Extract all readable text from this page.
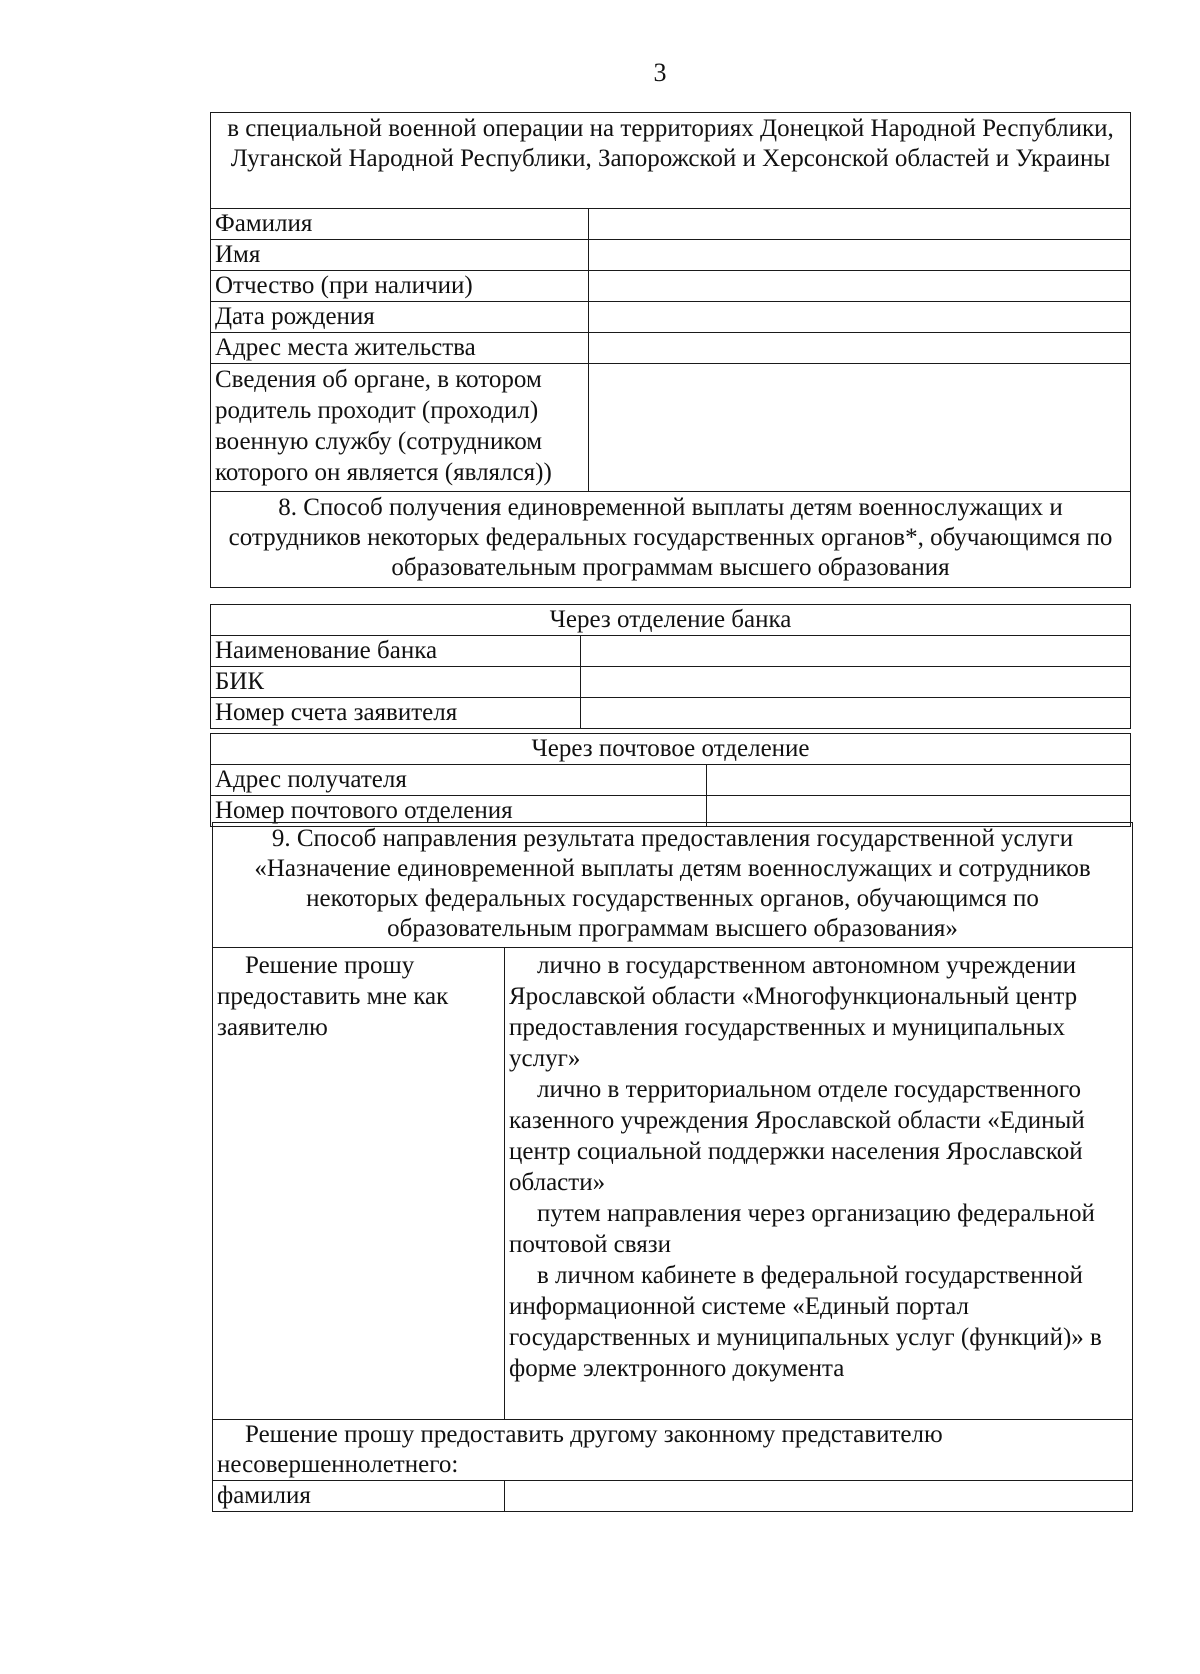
3
в специальной военной операции на территориях Донецкой Народной Республики, Луганской Народной Республики, Запорожской и Херсонской областей и Украины	
Фамилия	
Имя	
Отчество (при наличии)	
Дата рождения	
Адрес места жительства	
Сведения об органе, в котором родитель проходит (проходил) военную службу (сотрудником которого он является (являлся))	
8. Способ получения единовременной выплаты детям военнослужащих и сотрудников некоторых федеральных государственных органов*, обучающимся по образовательным программам высшего образования	
Через отделение банка	
Наименование банка	
БИК	
Номер счета заявителя	
Через почтовое отделение	
Адрес получателя	
Номер почтового отделения	
9. Способ направления результата предоставления государственной услуги «Назначение единовременной выплаты детям военнослужащих и сотрудников некоторых федеральных государственных органов, обучающимся по образовательным программам высшего образования»	
Решение прошу предоставить мне как заявителю	лично в государственном автономном учреждении Ярославской области «Многофункциональный центр предоставления государственных и муниципальных услуг»
лично в территориальном отделе государственного казенного учреждения Ярославской области «Единый центр социальной поддержки населения Ярославской области»
путем направления через организацию федеральной почтовой связи
в личном кабинете в федеральной государственной информационной системе «Единый портал государственных и муниципальных услуг (функций)» в форме электронного документа

Решение прошу предоставить другому законному представителю несовершеннолетнего:	
фамилия	
